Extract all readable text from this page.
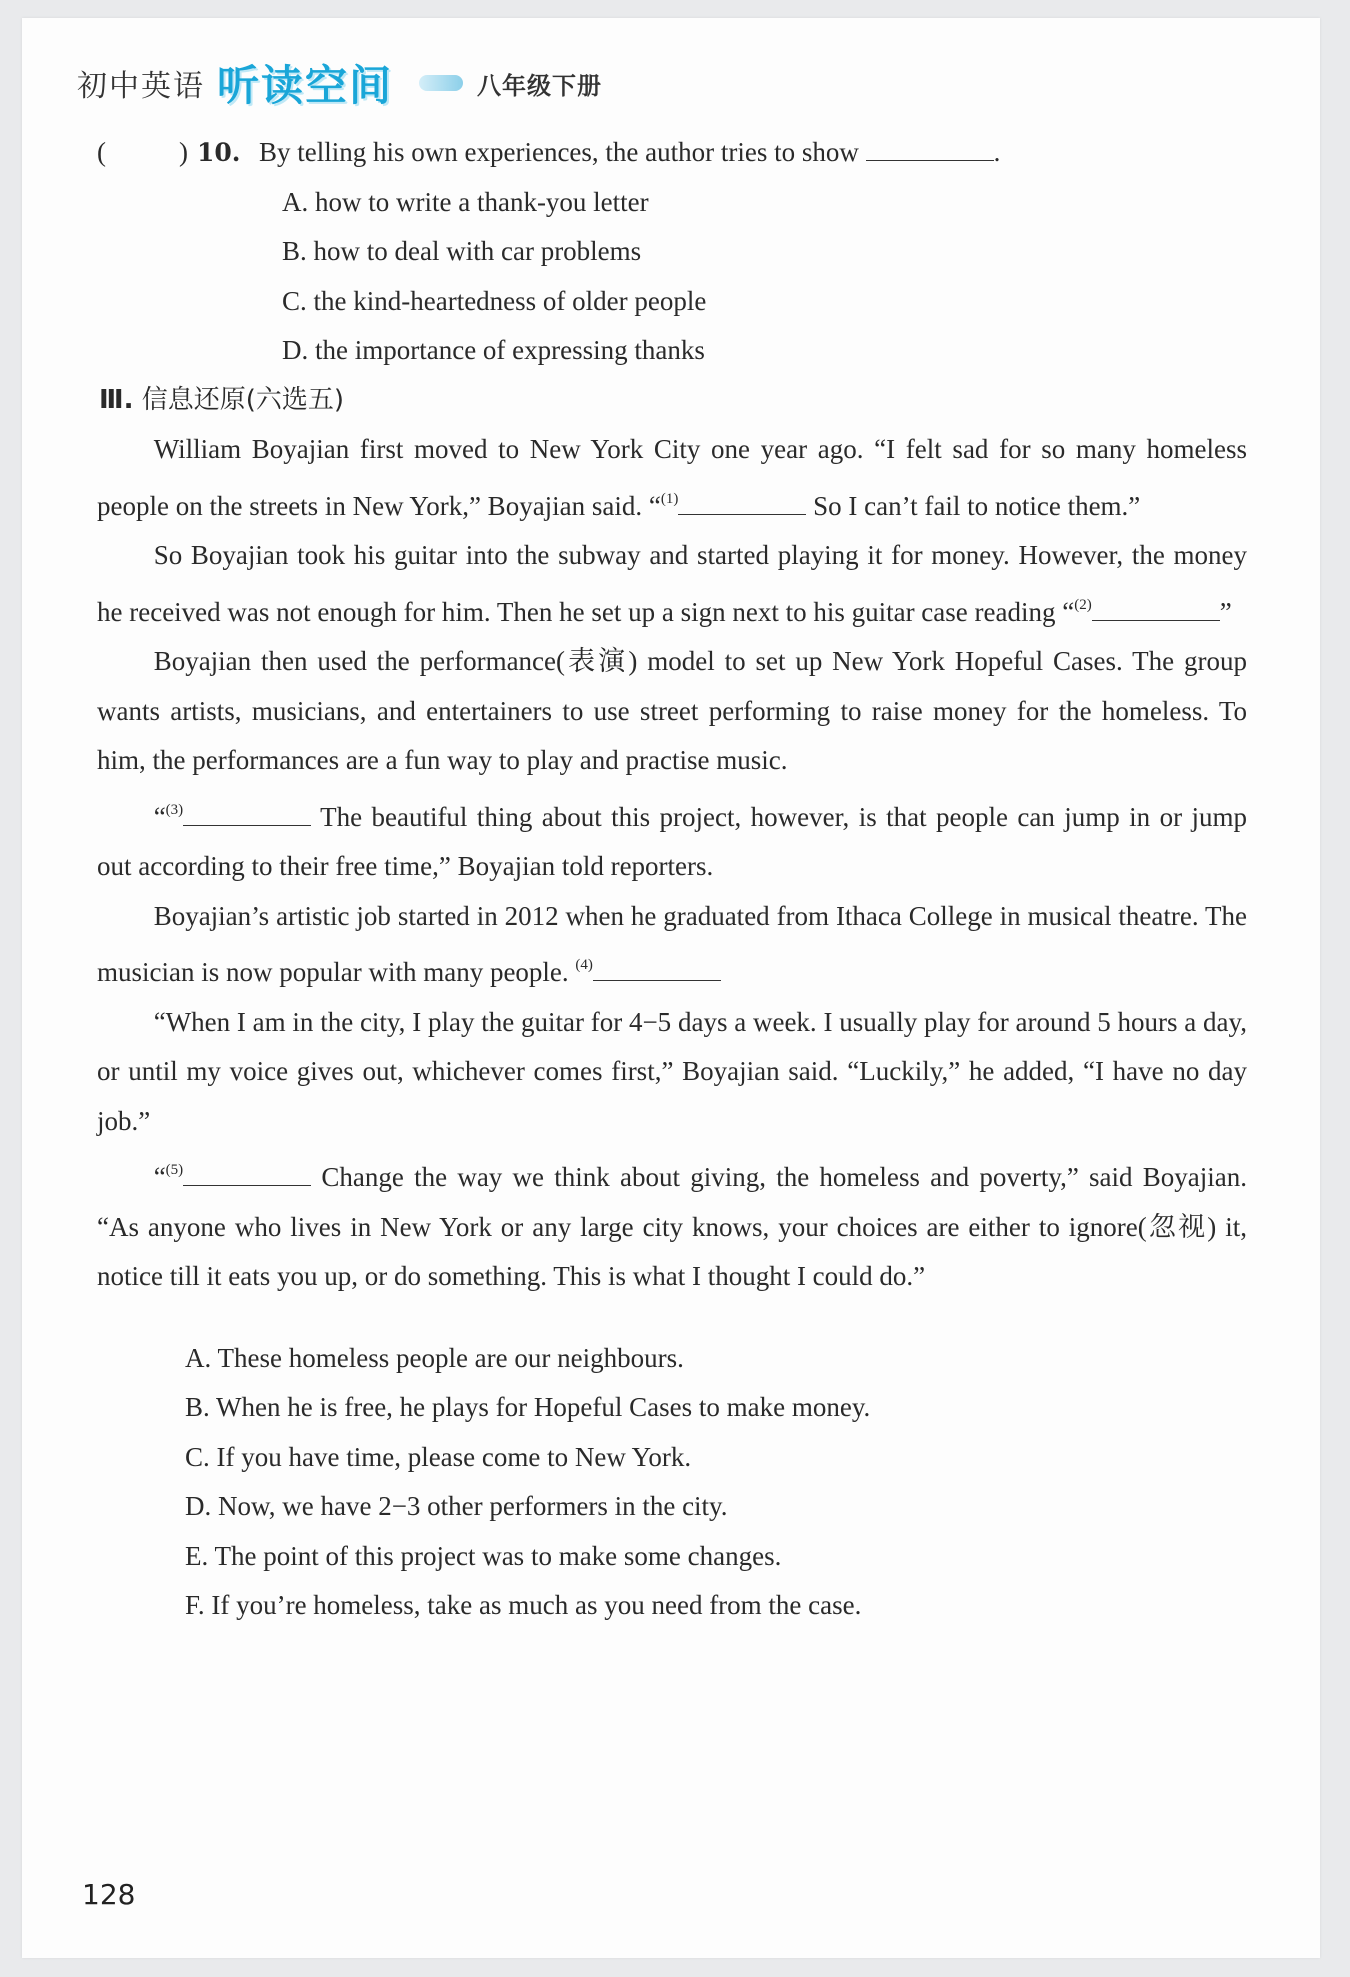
初中英语 听读空间	八年级下册
(	) 10. By telling his own experiences, the author tries to show	.
A. how to write a thank-you letter
B. how to deal with car problems
C. the kind-heartedness of older people
D. the importance of expressing thanks
Ⅲ. 信息还原(六选五)

William Boyajian first moved to New York City one year ago. “I felt sad for so many homeless people on the streets in New York,” Boyajian said. “$^{(1)}$	So I can’t fail to notice them.”

So Boyajian took his guitar into the subway and started playing it for money. However, the money he received was not enough for him. Then he set up a sign next to his guitar case reading “$^{(2)}$	”

Boyajian then used the performance(表演) model to set up New York Hopeful Cases. The group wants artists, musicians, and entertainers to use street performing to raise money for the homeless. To him, the performances are a fun way to play and practise music.

“$^{(3)}$	The beautiful thing about this project, however, is that people can jump in or jump out according to their free time,” Boyajian told reporters.

Boyajian’s artistic job started in 2012 when he graduated from Ithaca College in musical theatre. The musician is now popular with many people. $^{(4)}$

“When I am in the city, I play the guitar for 4−5 days a week. I usually play for around 5 hours a day, or until my voice gives out, whichever comes first,” Boyajian said. “Luckily,” he added, “I have no day job.”

“$^{(5)}$	Change the way we think about giving, the homeless and poverty,” said Boyajian. “As anyone who lives in New York or any large city knows, your choices are either to ignore(忽视) it, notice till it eats you up, or do something. This is what I thought I could do.”

A. These homeless people are our neighbours.
B. When he is free, he plays for Hopeful Cases to make money.
C. If you have time, please come to New York.
D. Now, we have 2−3 other performers in the city.
E. The point of this project was to make some changes.
F. If you’re homeless, take as much as you need from the case.
128
